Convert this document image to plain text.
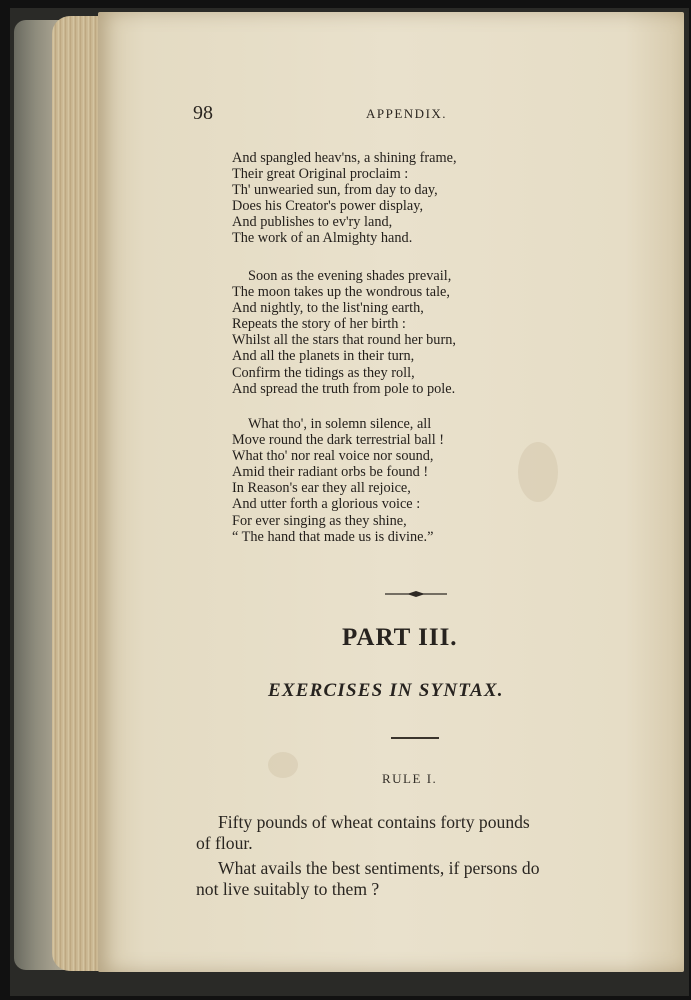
98	APPENDIX.
And spangled heav'ns, a shining frame,
Their great Original proclaim :
Th' unwearied sun, from day to day,
Does his Creator's power display,
And publishes to ev'ry land,
The work of an Almighty hand.
Soon as the evening shades prevail,
The moon takes up the wondrous tale,
And nightly, to the list'ning earth,
Repeats the story of her birth :
Whilst all the stars that round her burn,
And all the planets in their turn,
Confirm the tidings as they roll,
And spread the truth from pole to pole.
What tho', in solemn silence, all
Move round the dark terrestrial ball !
What tho' nor real voice nor sound,
Amid their radiant orbs be found !
In Reason's ear they all rejoice,
And utter forth a glorious voice :
For ever singing as they shine,
“ The hand that made us is divine.”
PART III.
EXERCISES IN SYNTAX.
RULE I.
Fifty pounds of wheat contains forty pounds
of flour.
What avails the best sentiments, if persons do
not live suitably to them ?
